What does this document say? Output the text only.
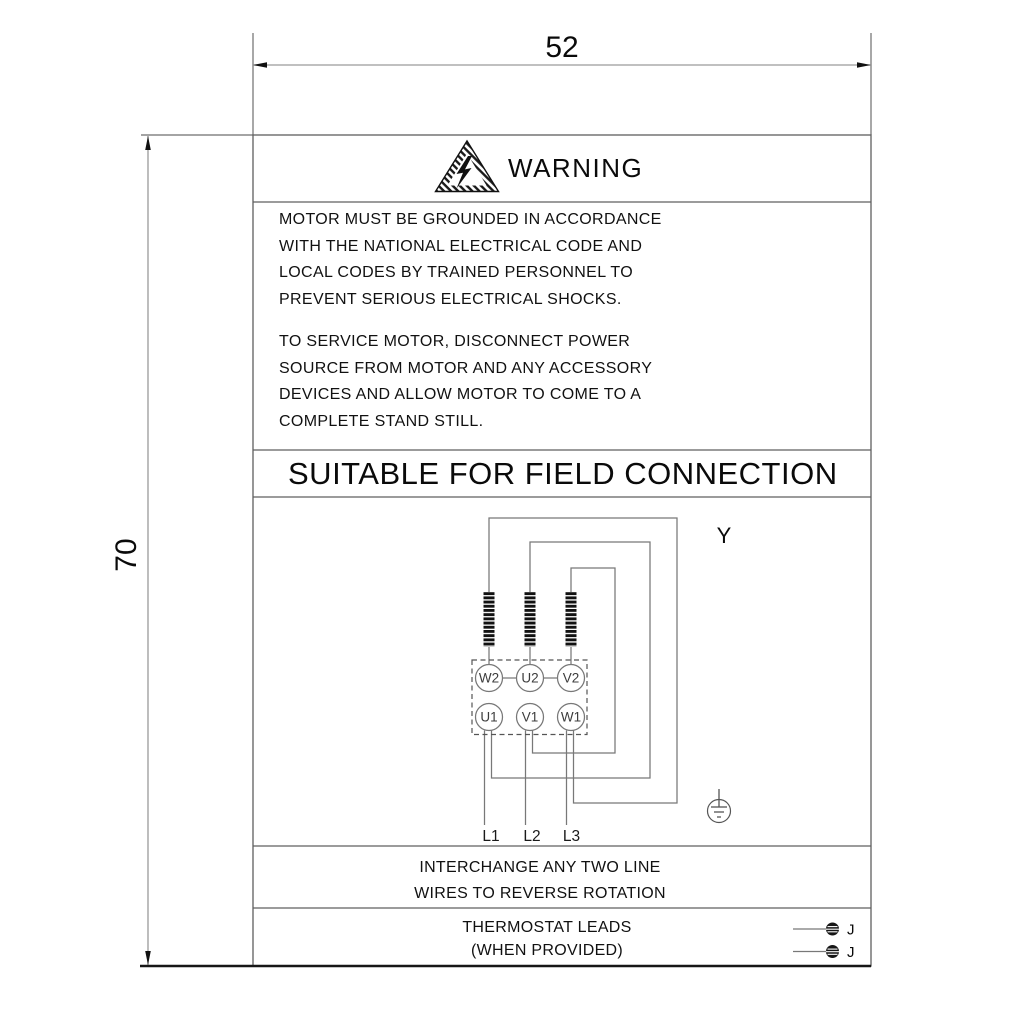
W2 U2 V2
U1 V1 W1
L1 L2 L3
Y
J
J
52
70
WARNING
MOTOR MUST BE GROUNDED IN ACCORDANCE
WITH THE NATIONAL ELECTRICAL CODE AND
LOCAL CODES BY TRAINED PERSONNEL TO
PREVENT SERIOUS ELECTRICAL SHOCKS.
TO SERVICE MOTOR, DISCONNECT POWER
SOURCE FROM MOTOR AND ANY ACCESSORY
DEVICES AND ALLOW MOTOR TO COME TO A
COMPLETE STAND STILL.
SUITABLE FOR FIELD CONNECTION
INTERCHANGE ANY TWO LINE
WIRES TO REVERSE ROTATION
THERMOSTAT LEADS
(WHEN PROVIDED)
